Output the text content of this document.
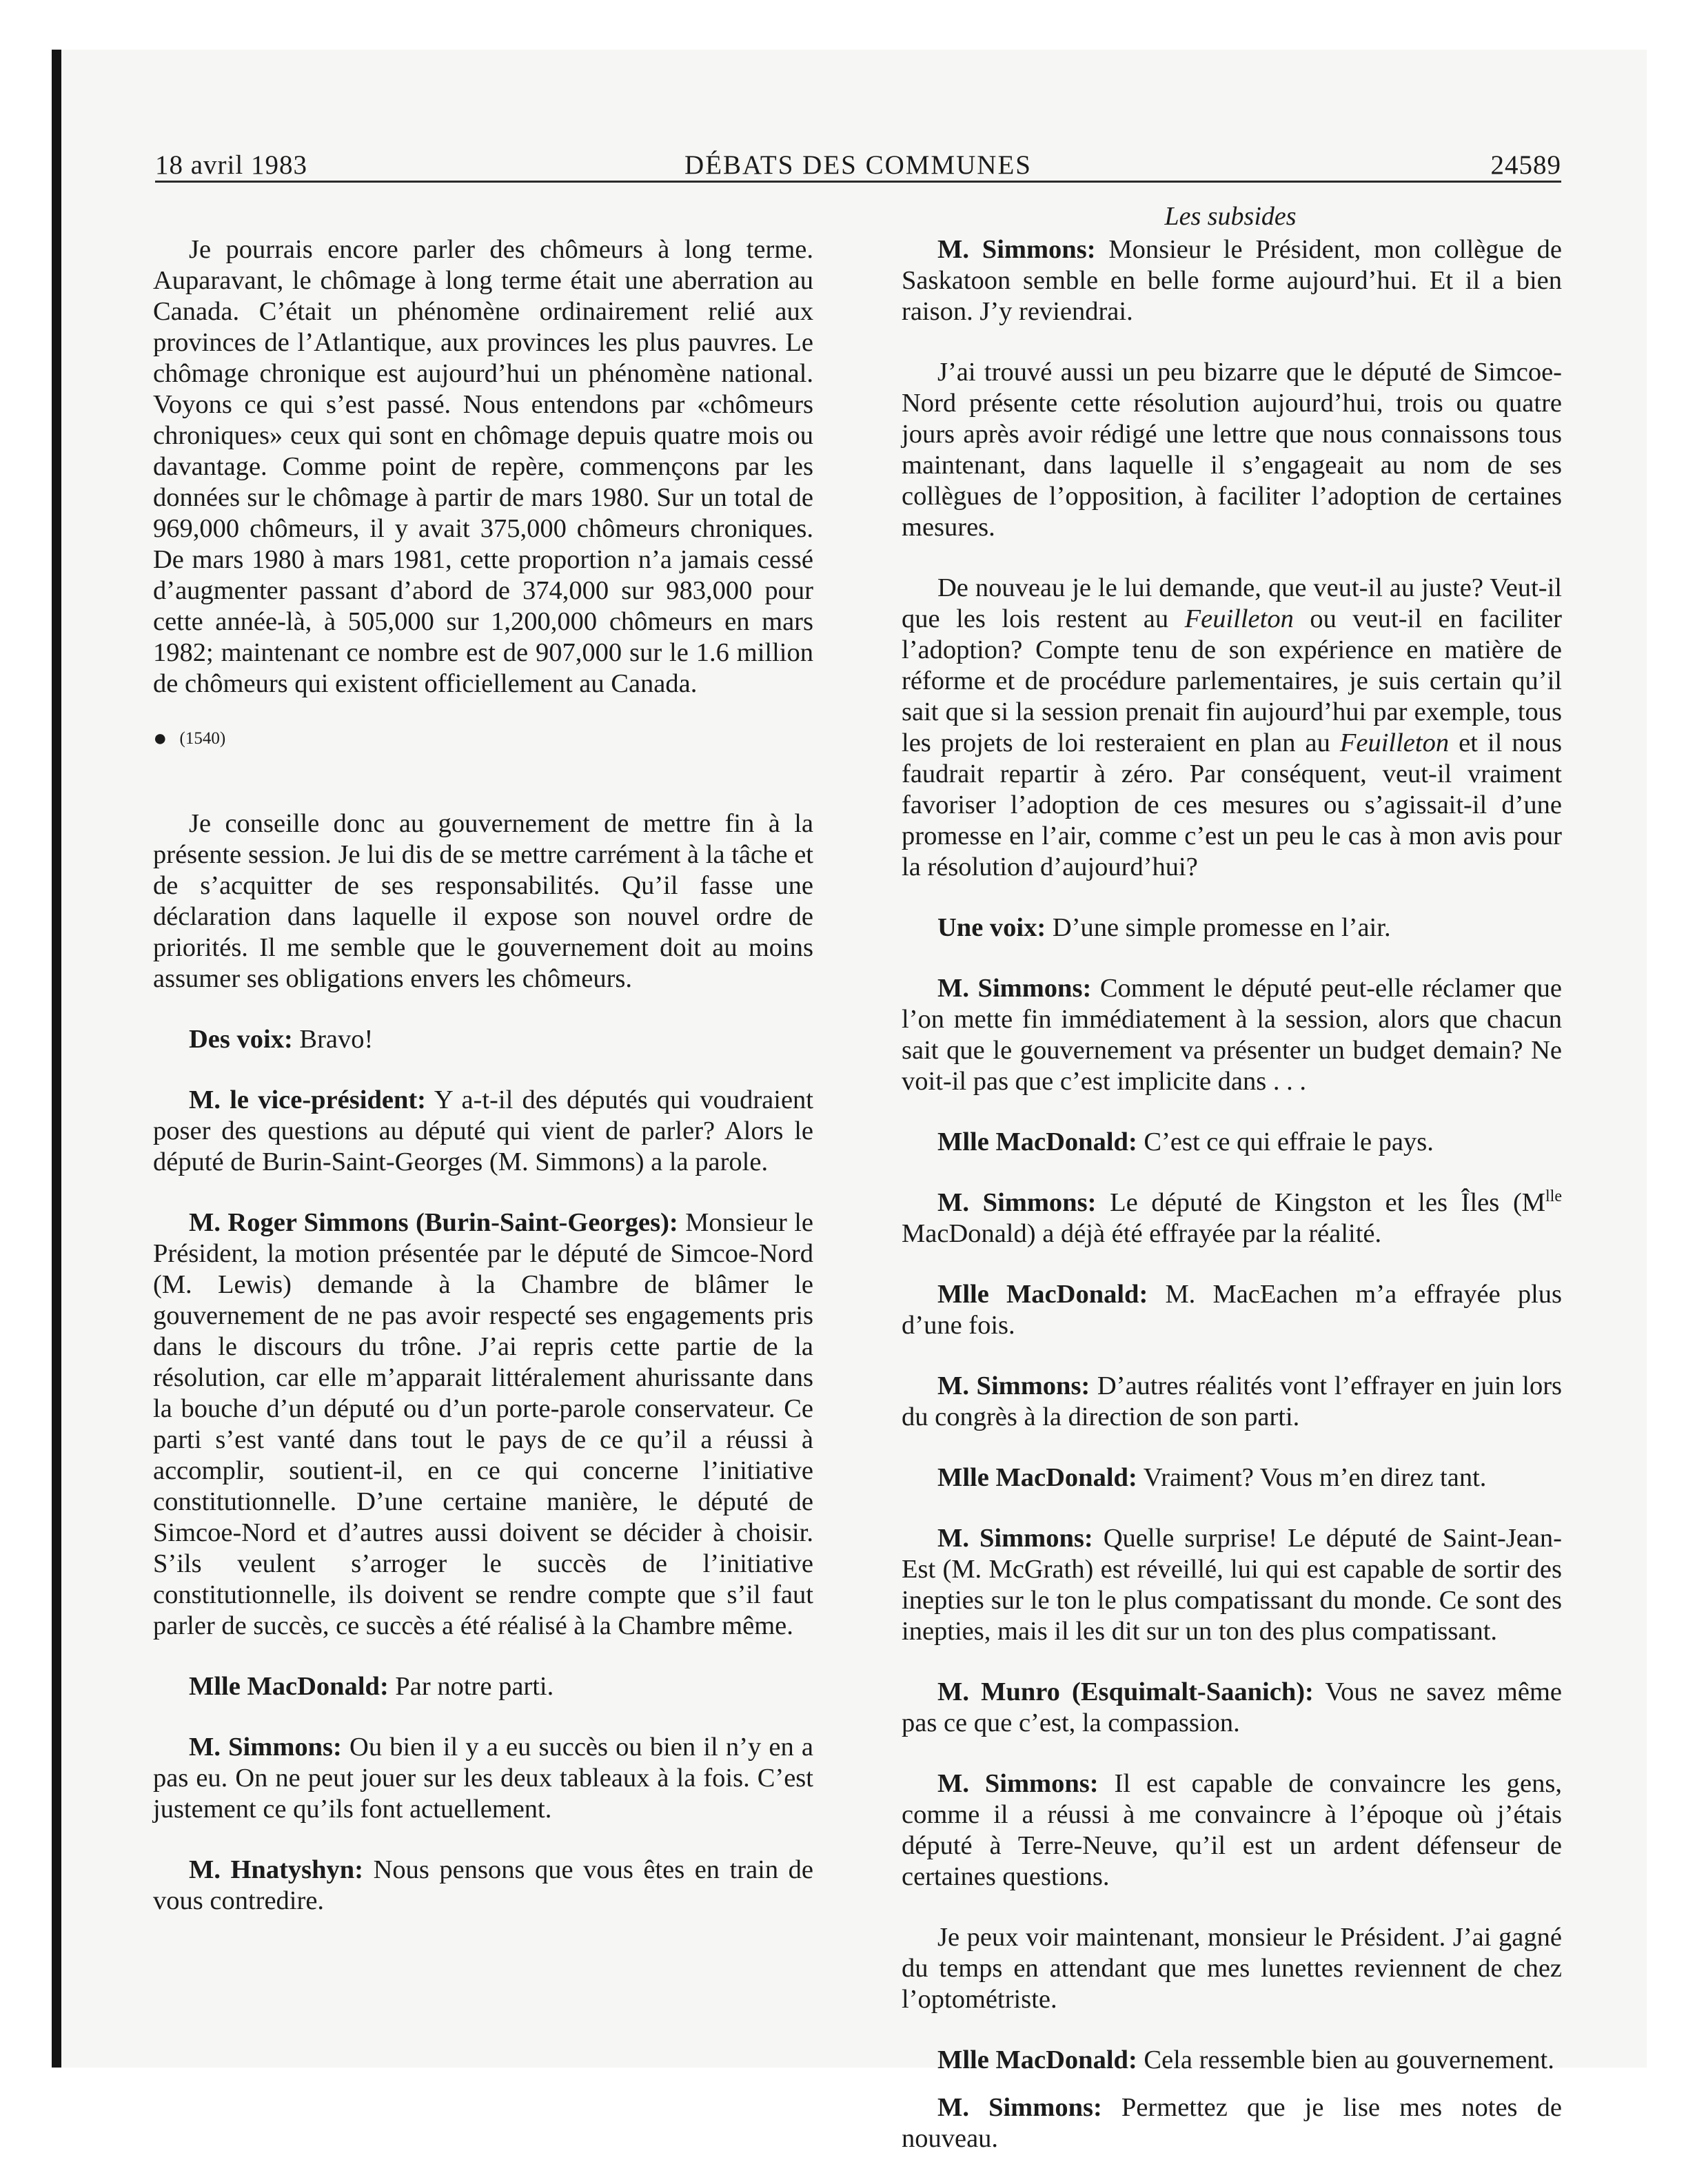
18 avril 1983	DÉBATS DES COMMUNES	24589
Les subsides

Je pourrais encore parler des chômeurs à long terme. Auparavant, le chômage à long terme était une aberration au Canada. C’était un phénomène ordinairement relié aux provinces de l’Atlantique, aux provinces les plus pauvres. Le chômage chronique est aujourd’hui un phénomène national. Voyons ce qui s’est passé. Nous entendons par «chômeurs chroniques» ceux qui sont en chômage depuis quatre mois ou davantage. Comme point de repère, commençons par les données sur le chômage à partir de mars 1980. Sur un total de 969,000 chômeurs, il y avait 375,000 chômeurs chroniques. De mars 1980 à mars 1981, cette proportion n’a jamais cessé d’augmenter passant d’abord de 374,000 sur 983,000 pour cette année-là, à 505,000 sur 1,200,000 chômeurs en mars 1982; maintenant ce nombre est de 907,000 sur le 1.6 million de chômeurs qui existent officiellement au Canada.

● (1540)

Je conseille donc au gouvernement de mettre fin à la présente session. Je lui dis de se mettre carrément à la tâche et de s’acquitter de ses responsabilités. Qu’il fasse une déclaration dans laquelle il expose son nouvel ordre de priorités. Il me semble que le gouvernement doit au moins assumer ses obligations envers les chômeurs.

Des voix: Bravo!

M. le vice-président: Y a-t-il des députés qui voudraient poser des questions au député qui vient de parler? Alors le député de Burin-Saint-Georges (M. Simmons) a la parole.

M. Roger Simmons (Burin-Saint-Georges): Monsieur le Président, la motion présentée par le député de Simcoe-Nord (M. Lewis) demande à la Chambre de blâmer le gouvernement de ne pas avoir respecté ses engagements pris dans le discours du trône. J’ai repris cette partie de la résolution, car elle m’apparait littéralement ahurissante dans la bouche d’un député ou d’un porte-parole conservateur. Ce parti s’est vanté dans tout le pays de ce qu’il a réussi à accomplir, soutient-il, en ce qui concerne l’initiative constitutionnelle. D’une certaine manière, le député de Simcoe-Nord et d’autres aussi doivent se décider à choisir. S’ils veulent s’arroger le succès de l’initiative constitutionnelle, ils doivent se rendre compte que s’il faut parler de succès, ce succès a été réalisé à la Chambre même.

Mlle MacDonald: Par notre parti.

M. Simmons: Ou bien il y a eu succès ou bien il n’y en a pas eu. On ne peut jouer sur les deux tableaux à la fois. C’est justement ce qu’ils font actuellement.

M. Hnatyshyn: Nous pensons que vous êtes en train de vous contredire.

M. Simmons: Monsieur le Président, mon collègue de Saskatoon semble en belle forme aujourd’hui. Et il a bien raison. J’y reviendrai.

J’ai trouvé aussi un peu bizarre que le député de Simcoe-Nord présente cette résolution aujourd’hui, trois ou quatre jours après avoir rédigé une lettre que nous connaissons tous maintenant, dans laquelle il s’engageait au nom de ses collègues de l’opposition, à faciliter l’adoption de certaines mesures.

De nouveau je le lui demande, que veut-il au juste? Veut-il que les lois restent au Feuilleton ou veut-il en faciliter l’adoption? Compte tenu de son expérience en matière de réforme et de procédure parlementaires, je suis certain qu’il sait que si la session prenait fin aujourd’hui par exemple, tous les projets de loi resteraient en plan au Feuilleton et il nous faudrait repartir à zéro. Par conséquent, veut-il vraiment favoriser l’adoption de ces mesures ou s’agissait-il d’une promesse en l’air, comme c’est un peu le cas à mon avis pour la résolution d’aujourd’hui?

Une voix: D’une simple promesse en l’air.

M. Simmons: Comment le député peut-elle réclamer que l’on mette fin immédiatement à la session, alors que chacun sait que le gouvernement va présenter un budget demain? Ne voit-il pas que c’est implicite dans . . .

Mlle MacDonald: C’est ce qui effraie le pays.

M. Simmons: Le député de Kingston et les Îles ($M^{lle}$ MacDonald) a déjà été effrayée par la réalité.

Mlle MacDonald: M. MacEachen m’a effrayée plus d’une fois.

M. Simmons: D’autres réalités vont l’effrayer en juin lors du congrès à la direction de son parti.

Mlle MacDonald: Vraiment? Vous m’en direz tant.

M. Simmons: Quelle surprise! Le député de Saint-Jean-Est (M. McGrath) est réveillé, lui qui est capable de sortir des inepties sur le ton le plus compatissant du monde. Ce sont des inepties, mais il les dit sur un ton des plus compatissant.

M. Munro (Esquimalt-Saanich): Vous ne savez même pas ce que c’est, la compassion.

M. Simmons: Il est capable de convaincre les gens, comme il a réussi à me convaincre à l’époque où j’étais député à Terre-Neuve, qu’il est un ardent défenseur de certaines questions.

Je peux voir maintenant, monsieur le Président. J’ai gagné du temps en attendant que mes lunettes reviennent de chez l’optométriste.

Mlle MacDonald: Cela ressemble bien au gouvernement.

M. Simmons: Permettez que je lise mes notes de nouveau.
